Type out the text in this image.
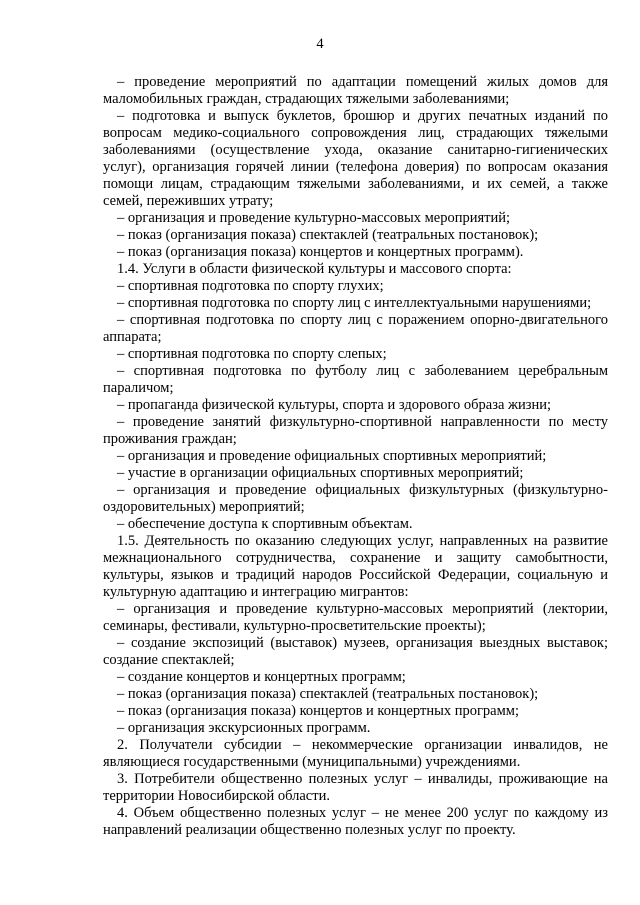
4

– проведение мероприятий по адаптации помещений жилых домов для маломобильных граждан, страдающих тяжелыми заболеваниями;

– подготовка и выпуск буклетов, брошюр и других печатных изданий по вопросам медико-социального сопровождения лиц, страдающих тяжелыми заболеваниями (осуществление ухода, оказание санитарно-гигиенических услуг), организация горячей линии (телефона доверия) по вопросам оказания помощи лицам, страдающим тяжелыми заболеваниями, и их семей, а также семей, переживших утрату;

– организация и проведение культурно-массовых мероприятий;

– показ (организация показа) спектаклей (театральных постановок);

– показ (организация показа) концертов и концертных программ).

1.4. Услуги в области физической культуры и массового спорта:

– спортивная подготовка по спорту глухих;

– спортивная подготовка по спорту лиц с интеллектуальными нарушениями;

– спортивная подготовка по спорту лиц с поражением опорно-двигательного аппарата;

– спортивная подготовка по спорту слепых;

– спортивная подготовка по футболу лиц с заболеванием церебральным параличом;

– пропаганда физической культуры, спорта и здорового образа жизни;

– проведение занятий физкультурно-спортивной направленности по месту проживания граждан;

– организация и проведение официальных спортивных мероприятий;

– участие в организации официальных спортивных мероприятий;

– организация и проведение официальных физкультурных (физкультурно-оздоровительных) мероприятий;

– обеспечение доступа к спортивным объектам.

1.5. Деятельность по оказанию следующих услуг, направленных на развитие межнационального сотрудничества, сохранение и защиту самобытности, культуры, языков и традиций народов Российской Федерации, социальную и культурную адаптацию и интеграцию мигрантов:

– организация и проведение культурно-массовых мероприятий (лектории, семинары, фестивали, культурно-просветительские проекты);

– создание экспозиций (выставок) музеев, организация выездных выставок; создание спектаклей;

– создание концертов и концертных программ;

– показ (организация показа) спектаклей (театральных постановок);

– показ (организация показа) концертов и концертных программ;

– организация экскурсионных программ.

2. Получатели субсидии – некоммерческие организации инвалидов, не являющиеся государственными (муниципальными) учреждениями.

3. Потребители общественно полезных услуг – инвалиды, проживающие на территории Новосибирской области.

4. Объем общественно полезных услуг – не менее 200 услуг по каждому из направлений реализации общественно полезных услуг по проекту.
